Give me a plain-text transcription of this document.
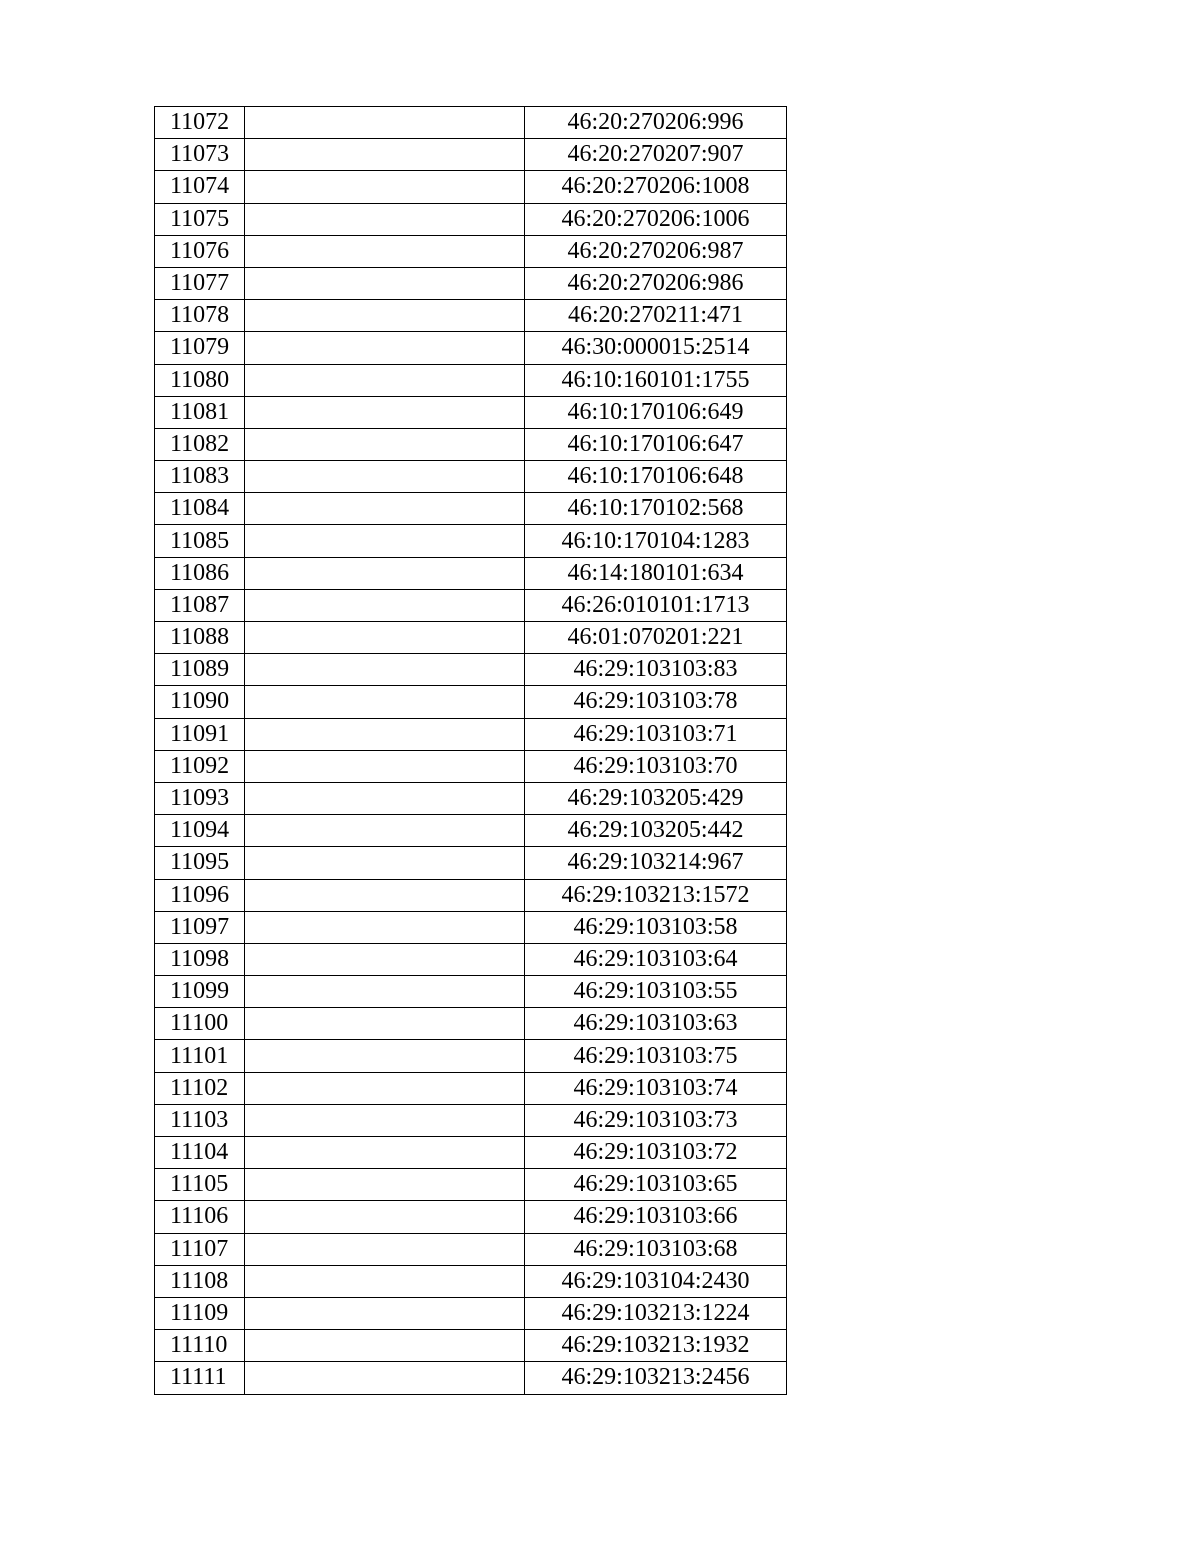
11072		46:20:270206:996
11073		46:20:270207:907
11074		46:20:270206:1008
11075		46:20:270206:1006
11076		46:20:270206:987
11077		46:20:270206:986
11078		46:20:270211:471
11079		46:30:000015:2514
11080		46:10:160101:1755
11081		46:10:170106:649
11082		46:10:170106:647
11083		46:10:170106:648
11084		46:10:170102:568
11085		46:10:170104:1283
11086		46:14:180101:634
11087		46:26:010101:1713
11088		46:01:070201:221
11089		46:29:103103:83
11090		46:29:103103:78
11091		46:29:103103:71
11092		46:29:103103:70
11093		46:29:103205:429
11094		46:29:103205:442
11095		46:29:103214:967
11096		46:29:103213:1572
11097		46:29:103103:58
11098		46:29:103103:64
11099		46:29:103103:55
11100		46:29:103103:63
11101		46:29:103103:75
11102		46:29:103103:74
11103		46:29:103103:73
11104		46:29:103103:72
11105		46:29:103103:65
11106		46:29:103103:66
11107		46:29:103103:68
11108		46:29:103104:2430
11109		46:29:103213:1224
11110		46:29:103213:1932
11111		46:29:103213:2456
